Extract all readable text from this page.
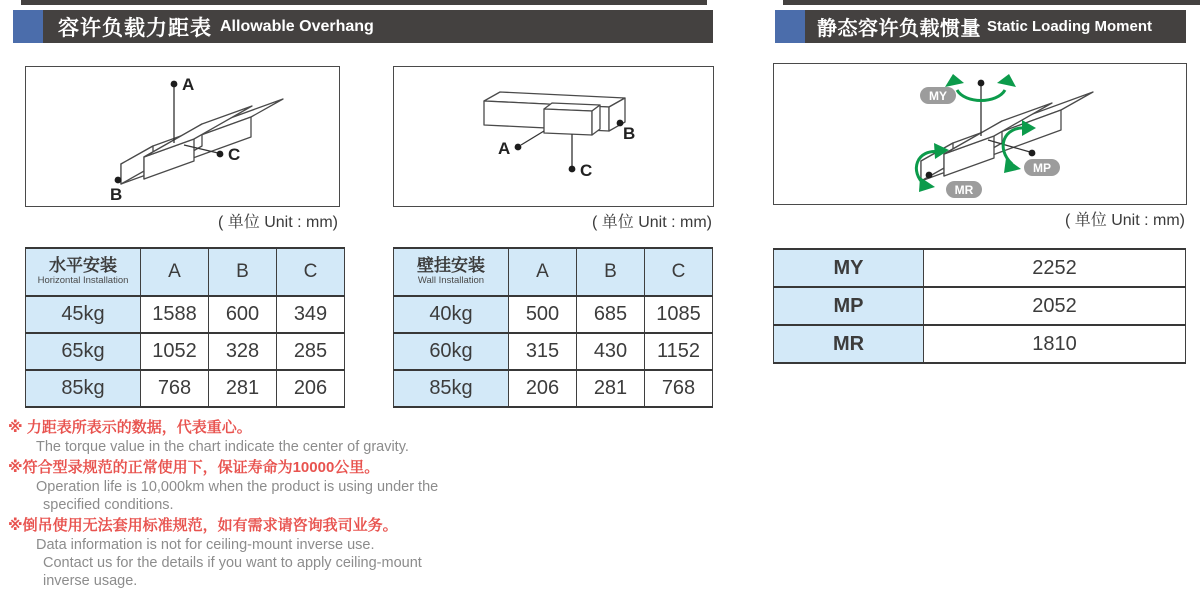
容许负载力距表 Allowable Overhang	静态容许负载惯量 Static Loading Moment
A
B
C
( 单位 Unit : mm)
A
B
C
( 单位 Unit : mm)
MY
MP
MR
( 单位 Unit : mm)
水平安装
Horizontal Installation	A	B	C
45kg	1588	600	349
65kg	1052	328	285
85kg	768	281	206
壁挂安装
Wall Installation	A	B	C
40kg	500	685	1085
60kg	315	430	1152
85kg	206	281	768
MY	2252
MP	2052
MR	1810
※ 力距表所表示的数据，代表重心。
The torque value in the chart indicate the center of gravity.
※符合型录规范的正常使用下，保证寿命为10000公里。
Operation life is 10,000km when the product is using under the
specified conditions.
※倒吊使用无法套用标准规范，如有需求请咨询我司业务。
Data information is not for ceiling-mount inverse use.
Contact us for the details if you want to apply ceiling-mount
inverse usage.
